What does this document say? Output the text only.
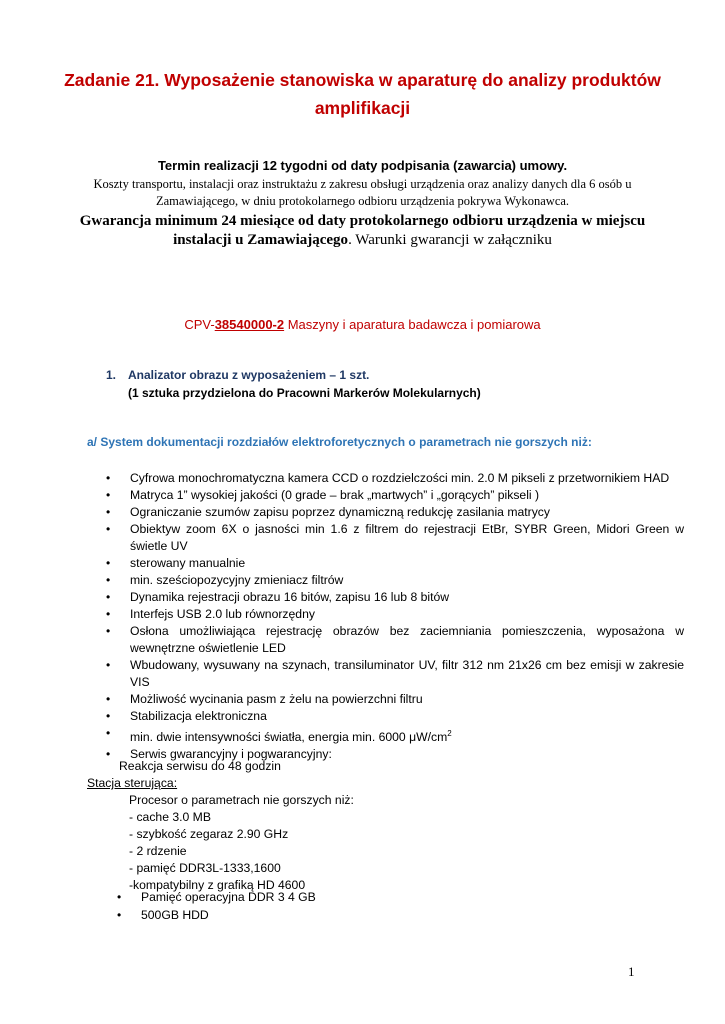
Zadanie 21. Wyposażenie stanowiska w aparaturę do analizy produktów amplifikacji
Termin realizacji 12 tygodni od daty podpisania (zawarcia) umowy.
Koszty transportu, instalacji oraz instruktażu z zakresu obsługi urządzenia oraz analizy danych dla 6 osób u Zamawiającego, w dniu protokolarnego odbioru urządzenia pokrywa Wykonawca.
Gwarancja minimum 24 miesiące od daty protokolarnego odbioru urządzenia w miejscu instalacji u Zamawiającego. Warunki gwarancji w załączniku
CPV-38540000-2 Maszyny i aparatura badawcza i pomiarowa
1. Analizator obrazu z wyposażeniem – 1 szt.
(1 sztuka przydzielona do Pracowni Markerów Molekularnych)
a/ System dokumentacji rozdziałów elektroforetycznych o parametrach nie gorszych niż:
• Cyfrowa monochromatyczna kamera CCD o rozdzielczości min. 2.0 M pikseli z przetwornikiem HAD
• Matryca 1” wysokiej jakości (0 grade – brak „martwych” i „gorących” pikseli )
• Ograniczanie szumów zapisu poprzez dynamiczną redukcję zasilania matrycy
• Obiektyw zoom 6X o jasności min 1.6 z filtrem do rejestracji EtBr, SYBR Green, Midori Green w świetle UV
• sterowany manualnie
• min. sześciopozycyjny zmieniacz filtrów
• Dynamika rejestracji obrazu 16 bitów, zapisu 16 lub 8 bitów
• Interfejs USB 2.0 lub równorzędny
• Osłona umożliwiająca rejestrację obrazów bez zaciemniania pomieszczenia, wyposażona w wewnętrzne oświetlenie LED
• Wbudowany, wysuwany na szynach, transiluminator UV, filtr 312 nm 21x26 cm bez emisji w zakresie VIS
• Możliwość wycinania pasm z żelu na powierzchni filtru
• Stabilizacja elektroniczna
• min. dwie intensywności światła, energia min. 6000 $\mu W/cm^2$
• Serwis gwarancyjny i pogwarancyjny:
Reakcja serwisu do 48 godzin
Stacja sterująca:
Procesor o parametrach nie gorszych niż:
- cache 3.0 MB
- szybkość zegaraz 2.90 GHz
- 2 rdzenie
- pamięć DDR3L-1333,1600
-kompatybilny z grafiką HD 4600
• Pamięć operacyjna DDR 3 4 GB
• 500GB HDD
1
